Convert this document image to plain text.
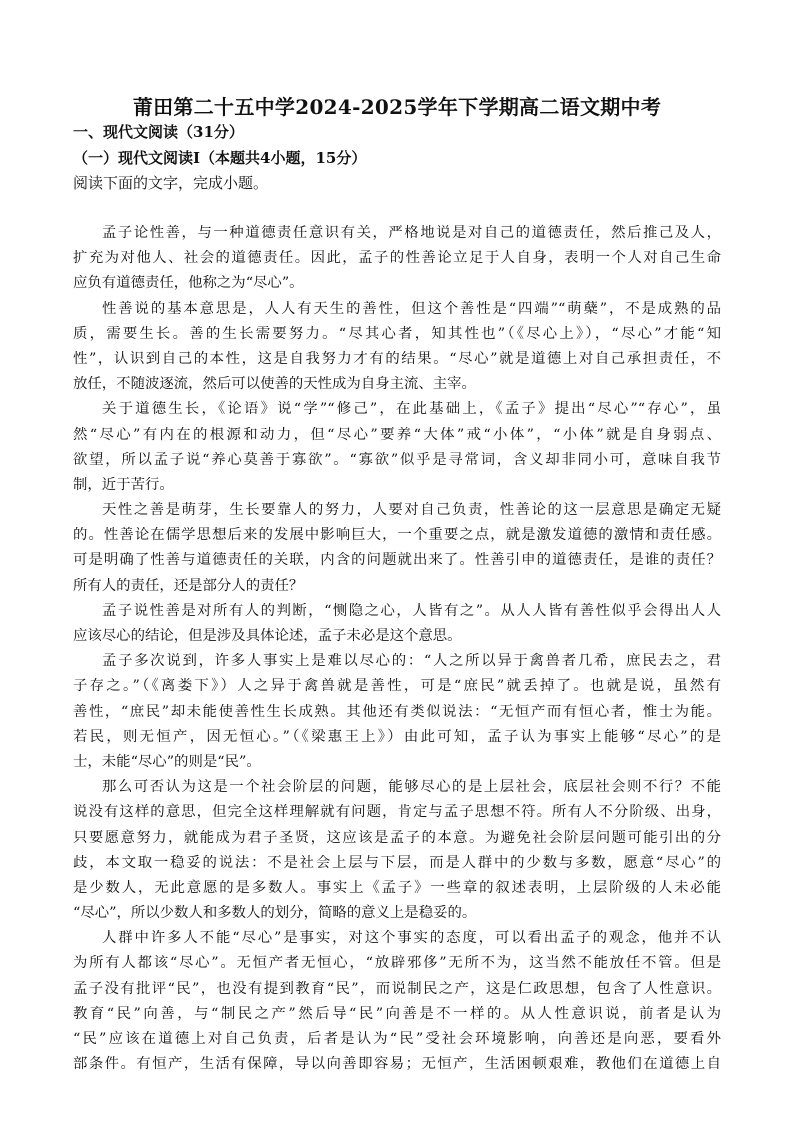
莆田第二十五中学2024-2025学年下学期高二语文期中考
一、现代文阅读（31分）
（一）现代文阅读Ⅰ（本题共4小题，15分）
阅读下面的文字，完成小题。
孟子论性善，与一种道德责任意识有关，严格地说是对自己的道德责任，然后推己及人，
扩充为对他人、社会的道德责任。因此，孟子的性善论立足于人自身，表明一个人对自己生命
应负有道德责任，他称之为“尽心”。
性善说的基本意思是，人人有天生的善性，但这个善性是“四端”“萌蘖”，不是成熟的品
质，需要生长。善的生长需要努力。“尽其心者，知其性也”（《尽心上》），“尽心”才能“知
性”，认识到自己的本性，这是自我努力才有的结果。“尽心”就是道德上对自己承担责任，不
放任，不随波逐流，然后可以使善的天性成为自身主流、主宰。
关于道德生长，《论语》说“学”“修己”，在此基础上，《孟子》提出“尽心”“存心”，虽
然“尽心”有内在的根源和动力，但“尽心”要养“大体”戒“小体”，“小体”就是自身弱点、
欲望，所以孟子说“养心莫善于寡欲”。“寡欲”似乎是寻常词，含义却非同小可，意味自我节
制，近于苦行。
天性之善是萌芽，生长要靠人的努力，人要对自己负责，性善论的这一层意思是确定无疑
的。性善论在儒学思想后来的发展中影响巨大，一个重要之点，就是激发道德的激情和责任感。
可是明确了性善与道德责任的关联，内含的问题就出来了。性善引申的道德责任，是谁的责任？
所有人的责任，还是部分人的责任？
孟子说性善是对所有人的判断，“恻隐之心，人皆有之”。从人人皆有善性似乎会得出人人
应该尽心的结论，但是涉及具体论述，孟子未必是这个意思。
孟子多次说到，许多人事实上是难以尽心的：“人之所以异于禽兽者几希，庶民去之，君
子存之。”（《离娄下》）人之异于禽兽就是善性，可是“庶民”就丢掉了。也就是说，虽然有
善性，“庶民”却未能使善性生长成熟。其他还有类似说法：“无恒产而有恒心者，惟士为能。
若民，则无恒产，因无恒心。”（《梁惠王上》）由此可知，孟子认为事实上能够“尽心”的是
士，未能“尽心”的则是“民”。
那么可否认为这是一个社会阶层的问题，能够尽心的是上层社会，底层社会则不行？不能
说没有这样的意思，但完全这样理解就有问题，肯定与孟子思想不符。所有人不分阶级、出身，
只要愿意努力，就能成为君子圣贤，这应该是孟子的本意。为避免社会阶层问题可能引出的分
歧，本文取一稳妥的说法：不是社会上层与下层，而是人群中的少数与多数，愿意“尽心”的
是少数人，无此意愿的是多数人。事实上《孟子》一些章的叙述表明，上层阶级的人未必能
“尽心”，所以少数人和多数人的划分，简略的意义上是稳妥的。
人群中许多人不能“尽心”是事实，对这个事实的态度，可以看出孟子的观念，他并不认
为所有人都该“尽心”。无恒产者无恒心，“放辟邪侈”无所不为，这当然不能放任不管。但是
孟子没有批评“民”，也没有提到教育“民”，而说制民之产，这是仁政思想，包含了人性意识。
教育“民”向善，与“制民之产”然后导“民”向善是不一样的。从人性意识说，前者是认为
“民”应该在道德上对自己负责，后者是认为“民”受社会环境影响，向善还是向恶，要看外
部条件。有恒产，生活有保障，导以向善即容易；无恒产，生活困顿艰难，教他们在道德上自
